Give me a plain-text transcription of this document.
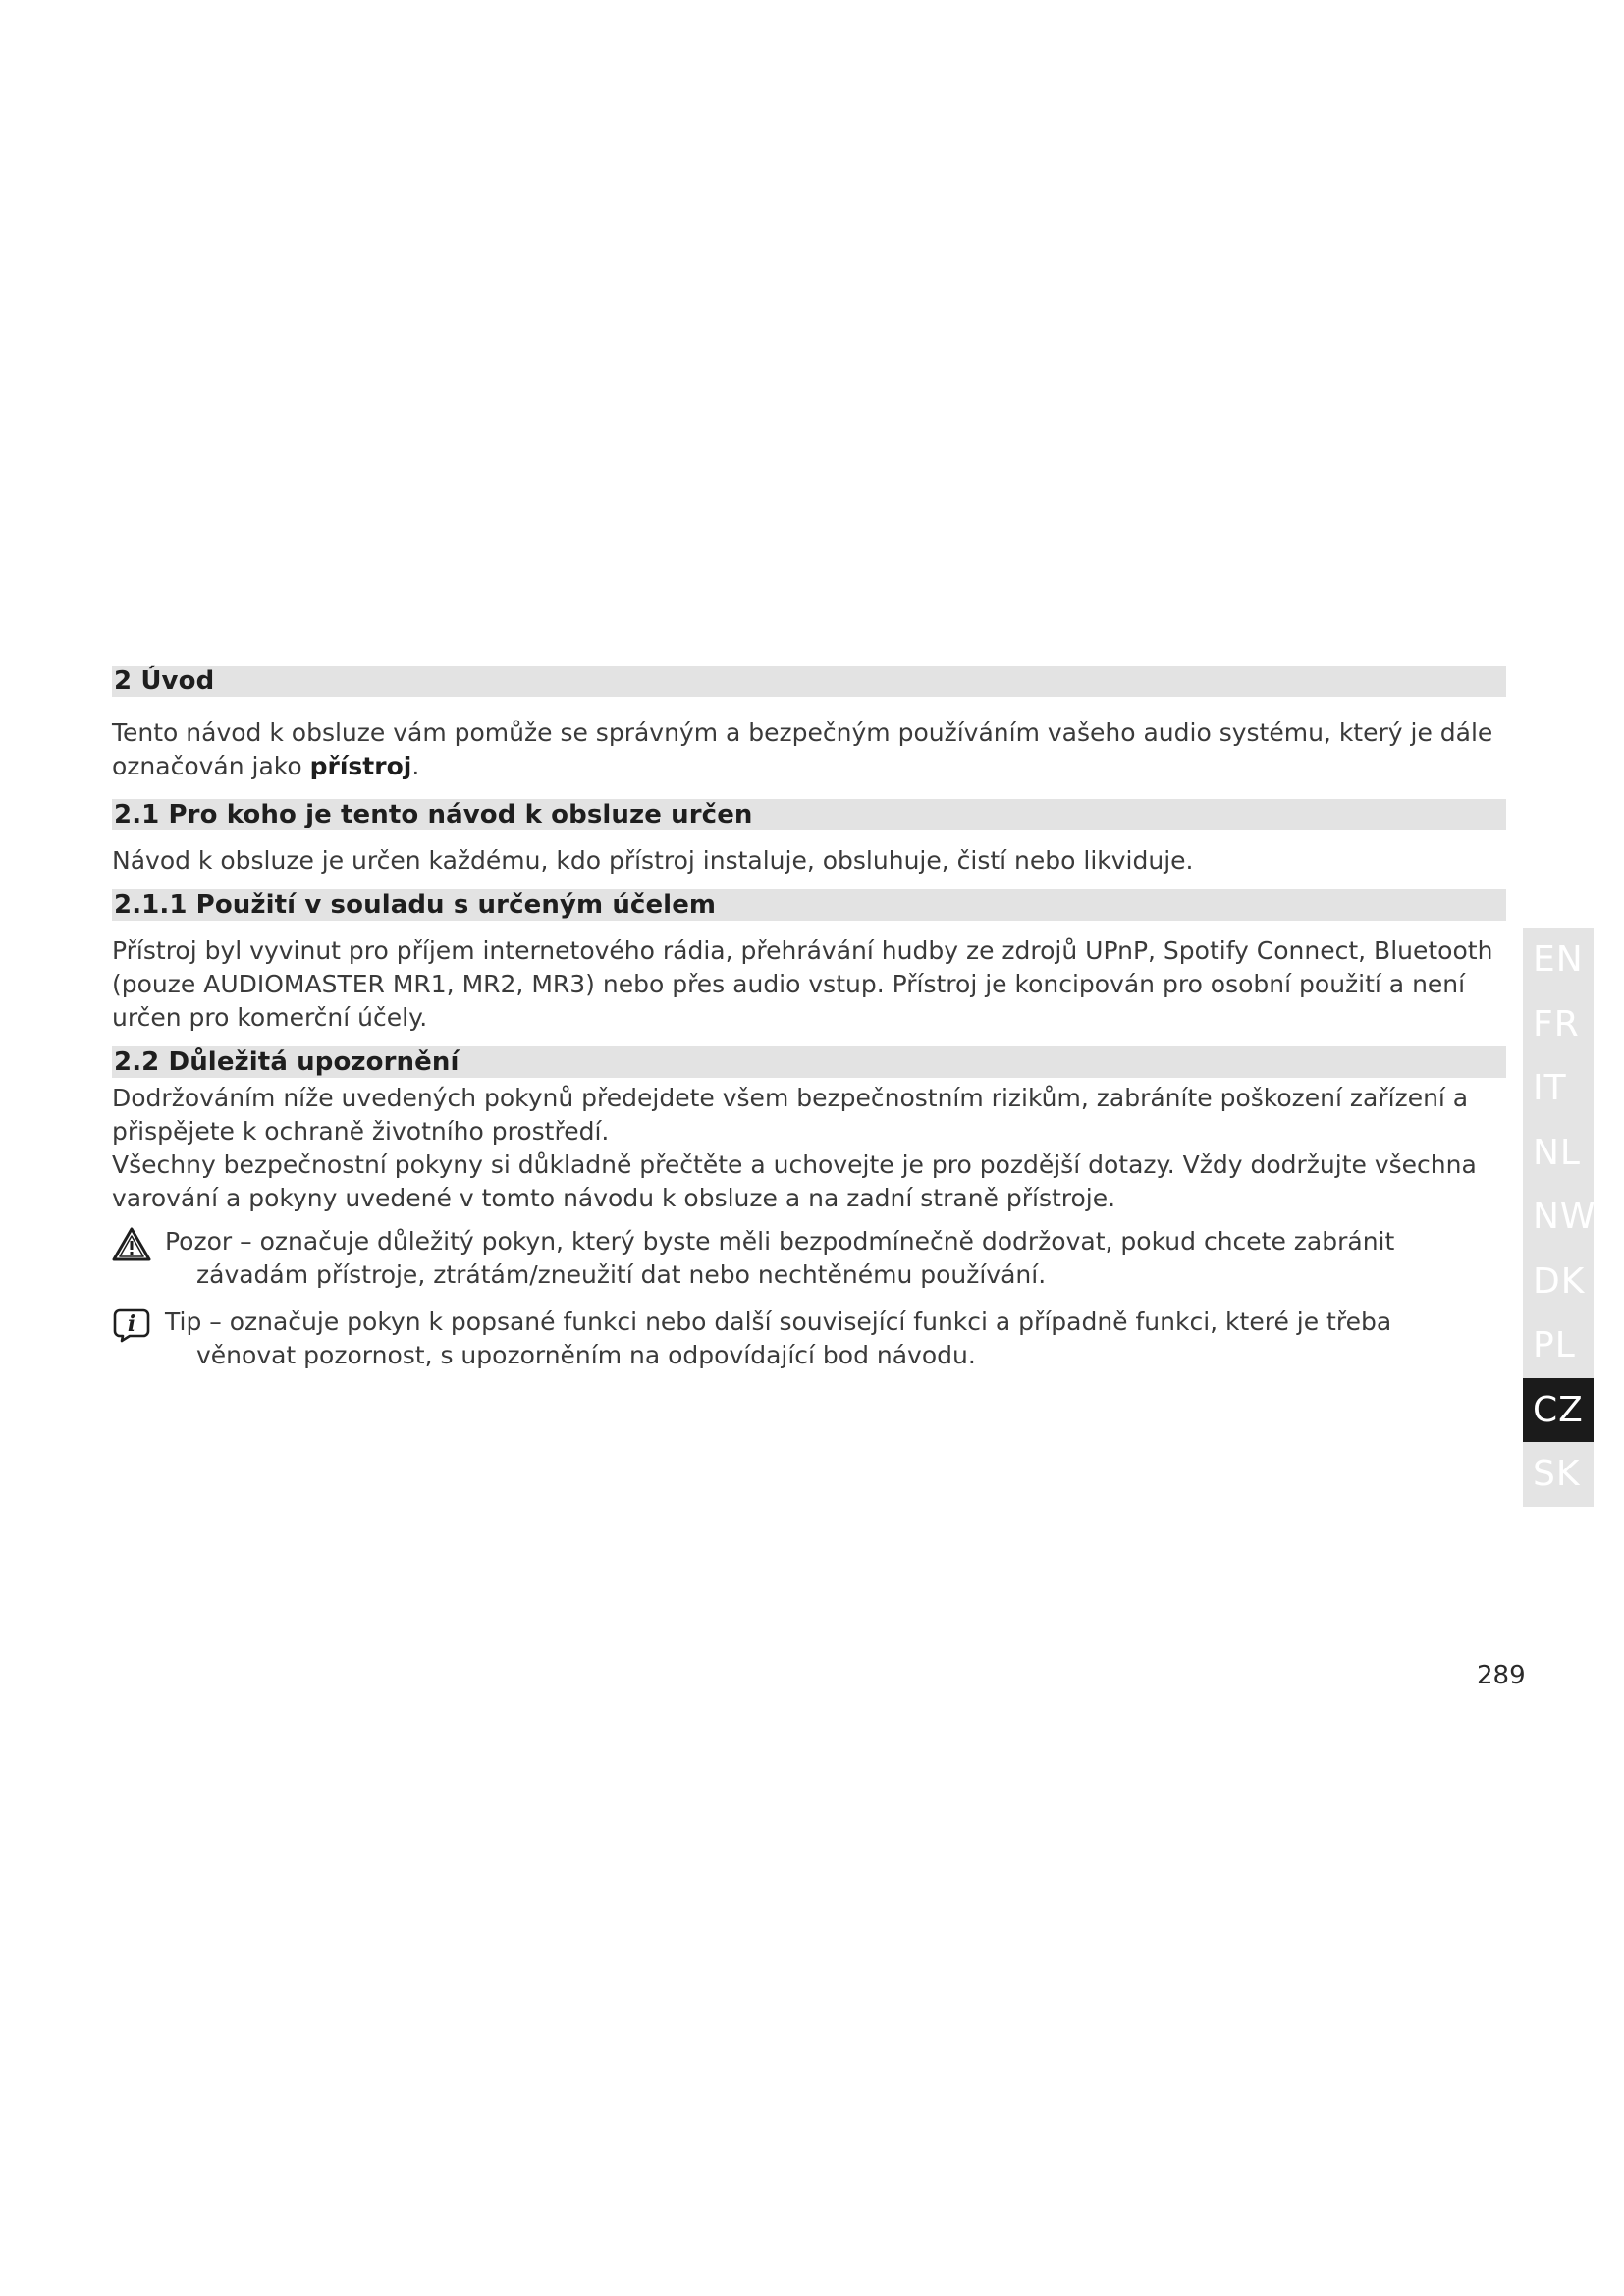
2 Úvod

Tento návod k obsluze vám pomůže se správným a bezpečným používáním vašeho audio systému, který je dále označován jako přístroj.

2.1 Pro koho je tento návod k obsluze určen

Návod k obsluze je určen každému, kdo přístroj instaluje, obsluhuje, čistí nebo likviduje.

2.1.1 Použití v souladu s určeným účelem

Přístroj byl vyvinut pro příjem internetového rádia, přehrávání hudby ze zdrojů UPnP, Spotify Connect, Bluetooth (pouze AUDIOMASTER MR1, MR2, MR3) nebo přes audio vstup. Přístroj je koncipován pro osobní použití a není určen pro komerční účely.

2.2 Důležitá upozornění

Dodržováním níže uvedených pokynů předejdete všem bezpečnostním rizikům, zabráníte poškození zařízení a přispějete k ochraně životního prostředí.

Všechny bezpečnostní pokyny si důkladně přečtěte a uchovejte je pro pozdější dotazy. Vždy dodržujte všechna varování a pokyny uvedené v tomto návodu k obsluze a na zadní straně přístroje.

Pozor – označuje důležitý pokyn, který byste měli bezpodmínečně dodržovat, pokud chcete zabránit
závadám přístroje, ztrátám/zneužití dat nebo nechtěnému používání.
i Tip – označuje pokyn k popsané funkci nebo další související funkci a případně funkci, které je třeba
věnovat pozornost, s upozorněním na odpovídající bod návodu.
EN
FR
IT
NL
NW
DK
PL
CZ
SK
289
